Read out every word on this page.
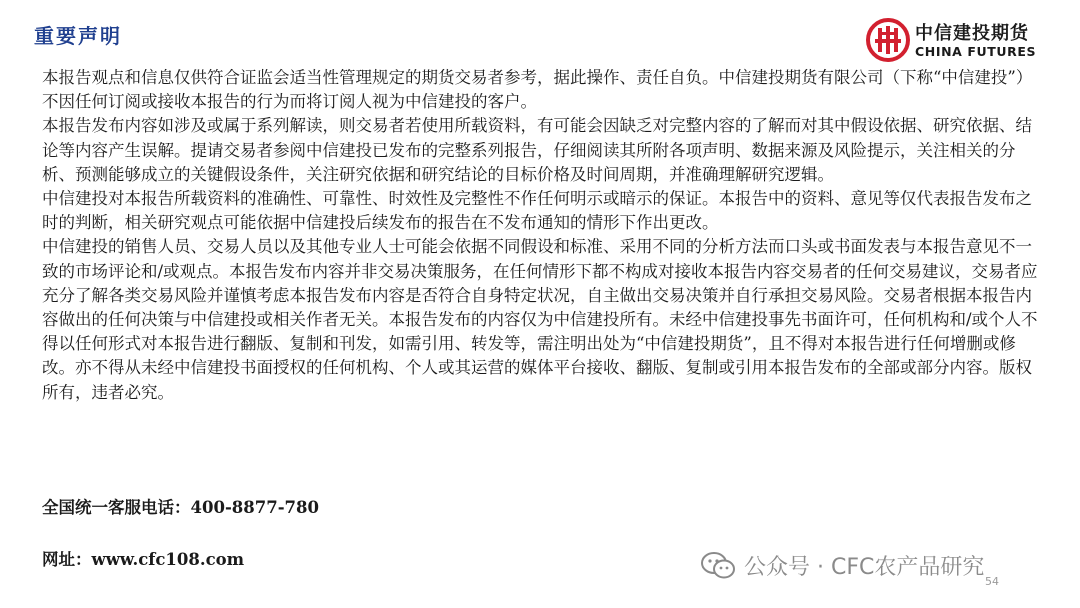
重要声明	中信建投期货
CHINA FUTURES

本报告观点和信息仅供符合证监会适当性管理规定的期货交易者参考，据此操作、责任自负。中信建投期货有限公司（下称“中信建投”）不因任何订阅或接收本报告的行为而将订阅人视为中信建投的客户。

本报告发布内容如涉及或属于系列解读，则交易者若使用所载资料，有可能会因缺乏对完整内容的了解而对其中假设依据、研究依据、结论等内容产生误解。提请交易者参阅中信建投已发布的完整系列报告，仔细阅读其所附各项声明、数据来源及风险提示，关注相关的分析、预测能够成立的关键假设条件，关注研究依据和研究结论的目标价格及时间周期，并准确理解研究逻辑。

中信建投对本报告所载资料的准确性、可靠性、时效性及完整性不作任何明示或暗示的保证。本报告中的资料、意见等仅代表报告发布之时的判断，相关研究观点可能依据中信建投后续发布的报告在不发布通知的情形下作出更改。

中信建投的销售人员、交易人员以及其他专业人士可能会依据不同假设和标准、采用不同的分析方法而口头或书面发表与本报告意见不一致的市场评论和/或观点。本报告发布内容并非交易决策服务，在任何情形下都不构成对接收本报告内容交易者的任何交易建议，交易者应充分了解各类交易风险并谨慎考虑本报告发布内容是否符合自身特定状况，自主做出交易决策并自行承担交易风险。交易者根据本报告内容做出的任何决策与中信建投或相关作者无关。本报告发布的内容仅为中信建投所有。未经中信建投事先书面许可，任何机构和/或个人不得以任何形式对本报告进行翻版、复制和刊发，如需引用、转发等，需注明出处为“中信建投期货”，且不得对本报告进行任何增删或修改。亦不得从未经中信建投书面授权的任何机构、个人或其运营的媒体平台接收、翻版、复制或引用本报告发布的全部或部分内容。版权所有，违者必究。

全国统一客服电话：400-8877-780
网址：www.cfc108.com	公众号 · CFC农产品研究
54
